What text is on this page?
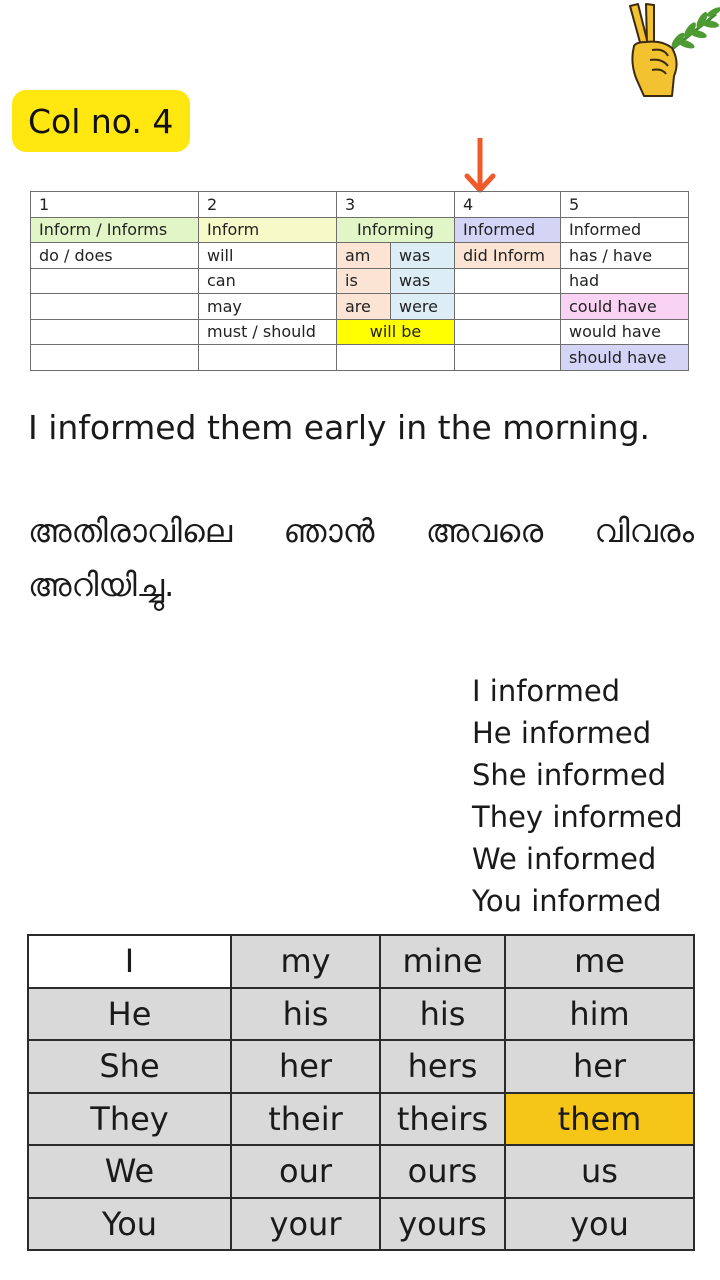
Col no. 4
1	2	3		4	5
Inform / Informs	Inform	Informing		Informed	Informed
do / does	will	am	was	did Inform	has / have
	can	is	was		had
	may	are	were		could have
	must / should	will be			would have
					should have
I informed them early in the morning.
അതിരാവിലെ ഞാൻ അവരെ വിവരം അറിയിച്ചു.
I informed
He informed
She informed
They informed
We informed
You informed
I	my	mine	me
He	his	his	him
She	her	hers	her
They	their	theirs	them
We	our	ours	us
You	your	yours	you
